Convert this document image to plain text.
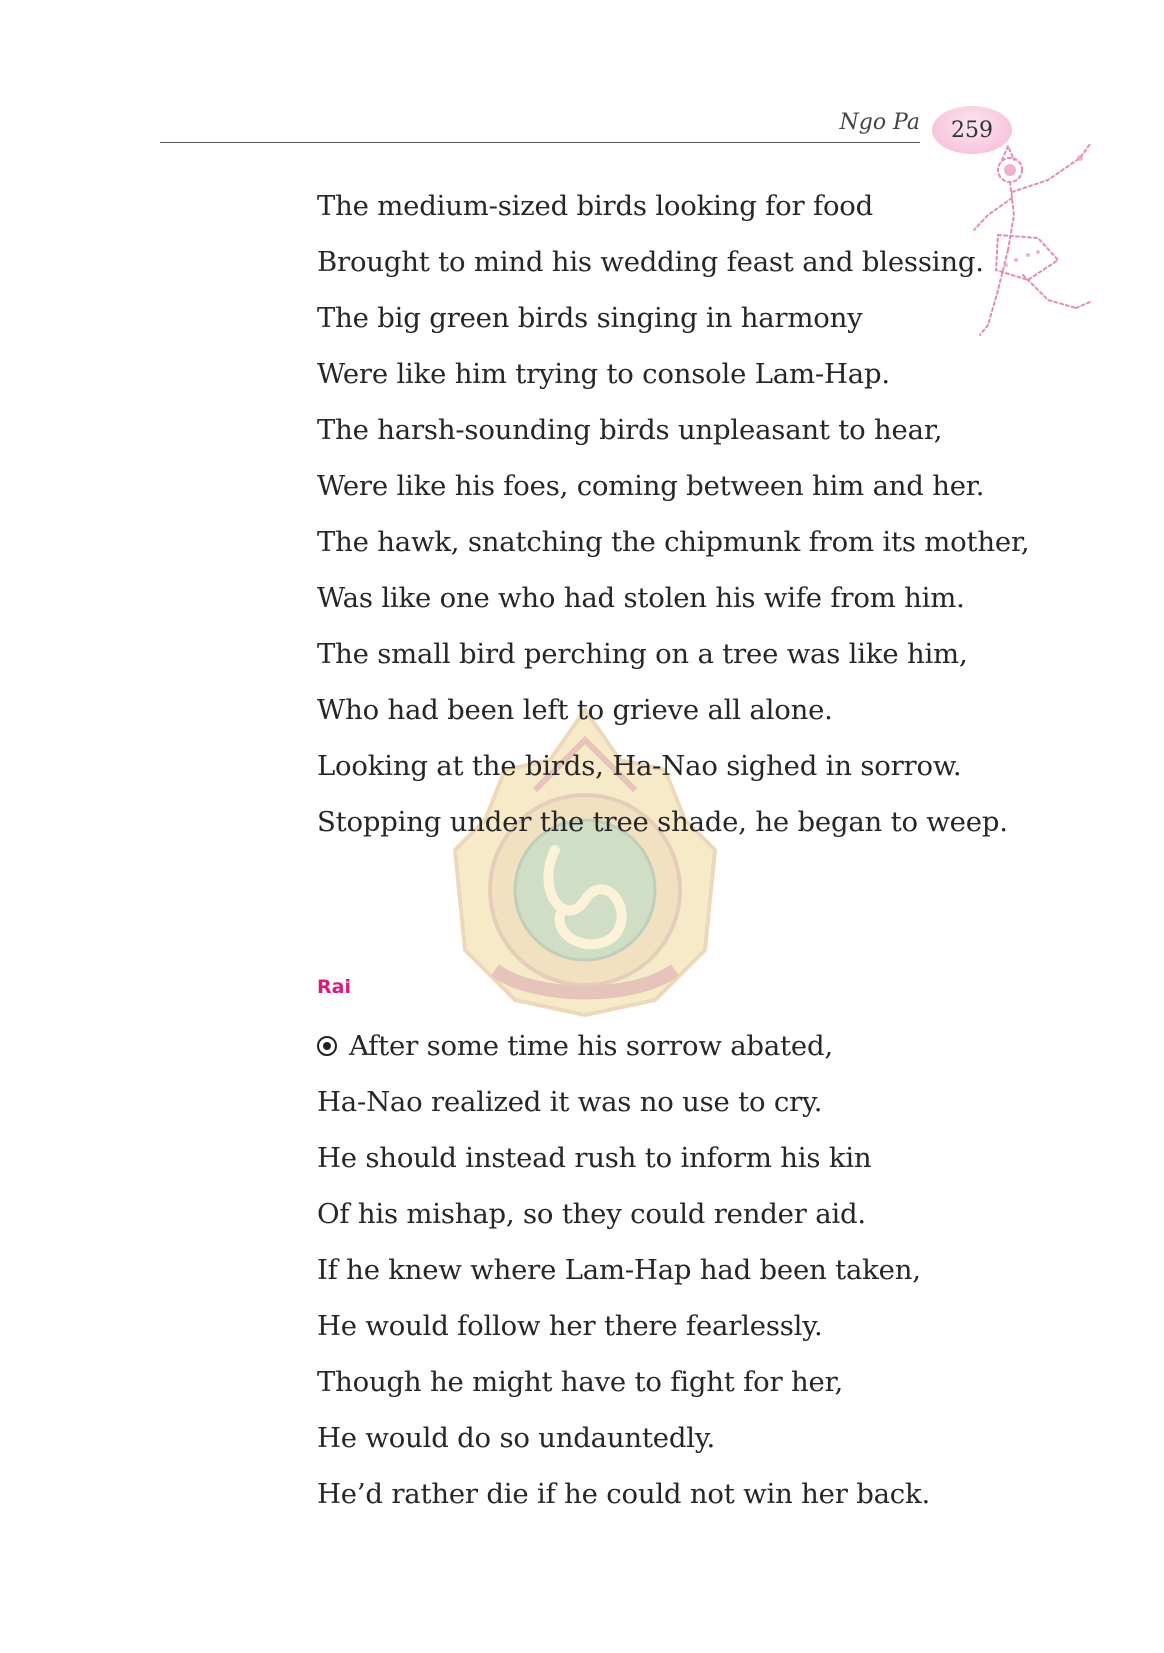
Ngo Pa 259
The medium-sized birds looking for food
Brought to mind his wedding feast and blessing.
The big green birds singing in harmony
Were like him trying to console Lam-Hap.
The harsh-sounding birds unpleasant to hear,
Were like his foes, coming between him and her.
The hawk, snatching the chipmunk from its mother,
Was like one who had stolen his wife from him.
The small bird perching on a tree was like him,
Who had been left to grieve all alone.
Looking at the birds, Ha-Nao sighed in sorrow.
Stopping under the tree shade, he began to weep.
Rai
After some time his sorrow abated,
Ha-Nao realized it was no use to cry.
He should instead rush to inform his kin
Of his mishap, so they could render aid.
If he knew where Lam-Hap had been taken,
He would follow her there fearlessly.
Though he might have to fight for her,
He would do so undauntedly.
He’d rather die if he could not win her back.
